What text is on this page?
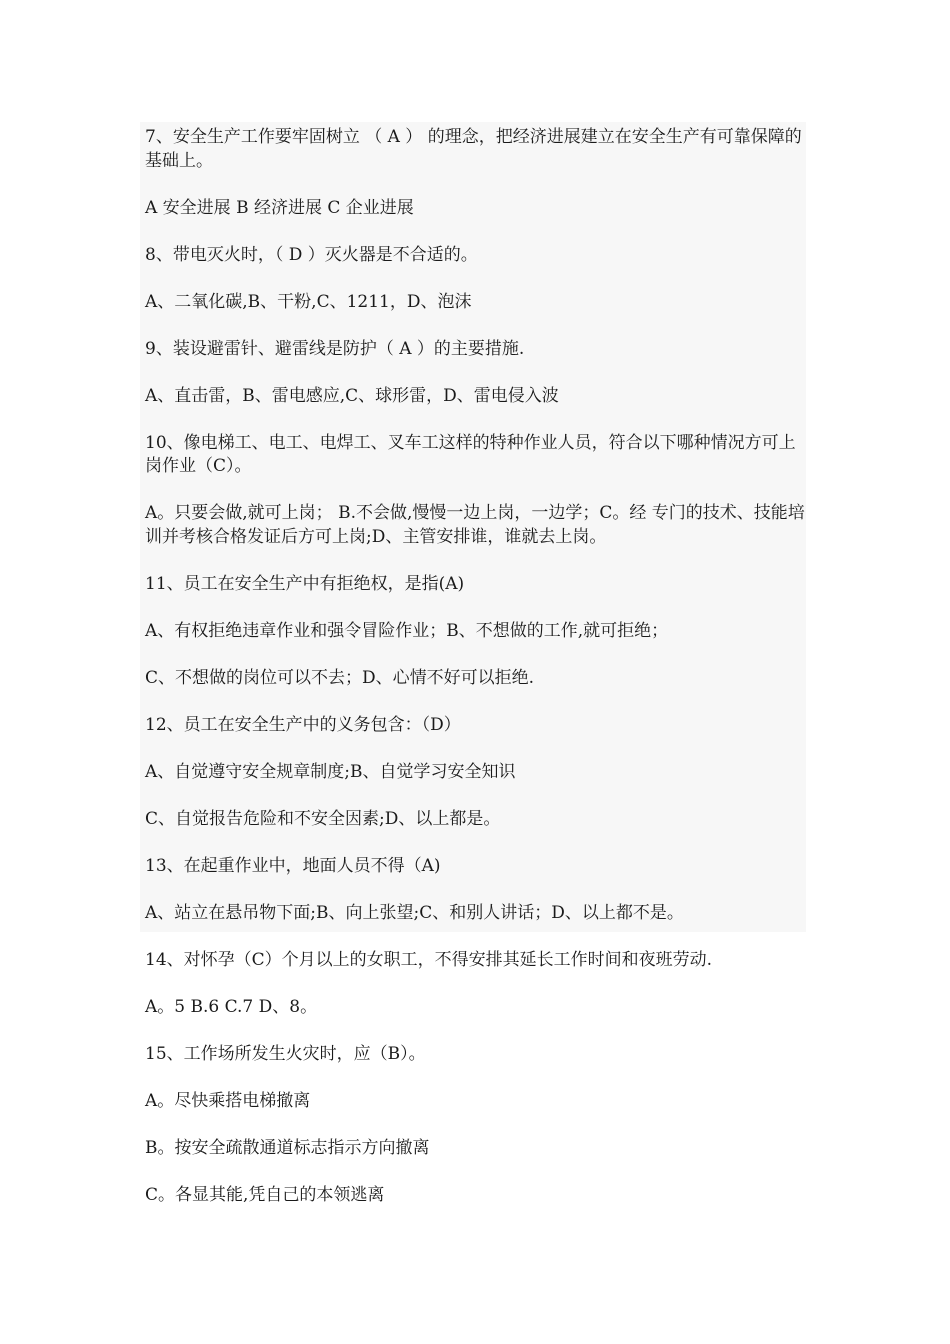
7、安全生产工作要牢固树立 （ A ） 的理念，把经济进展建立在安全生产有可靠保障的基础上。

A 安全进展 B 经济进展 C 企业进展

8、带电灭火时，（ D ）灭火器是不合适的。

A、二氧化碳,B、干粉,C、1211，D、泡沫

9、装设避雷针、避雷线是防护（ A ）的主要措施.

A、直击雷，B、雷电感应,C、球形雷，D、雷电侵入波

10、像电梯工、电工、电焊工、叉车工这样的特种作业人员，符合以下哪种情况方可上岗作业（C）。

A。只要会做,就可上岗； B.不会做,慢慢一边上岗，一边学；C。经 专门的技术、技能培训并考核合格发证后方可上岗;D、主管安排谁，谁就去上岗。

11、员工在安全生产中有拒绝权，是指(A)

A、有权拒绝违章作业和强令冒险作业；B、不想做的工作,就可拒绝；

C、不想做的岗位可以不去；D、心情不好可以拒绝.

12、员工在安全生产中的义务包含：（D）

A、自觉遵守安全规章制度;B、自觉学习安全知识

C、自觉报告危险和不安全因素;D、以上都是。

13、在起重作业中，地面人员不得（A)

A、站立在悬吊物下面;B、向上张望;C、和别人讲话；D、以上都不是。

14、对怀孕（C）个月以上的女职工，不得安排其延长工作时间和夜班劳动.

A。5 B.6 C.7 D、8。

15、工作场所发生火灾时，应（B）。

A。尽快乘搭电梯撤离

B。按安全疏散通道标志指示方向撤离

C。各显其能,凭自己的本领逃离
